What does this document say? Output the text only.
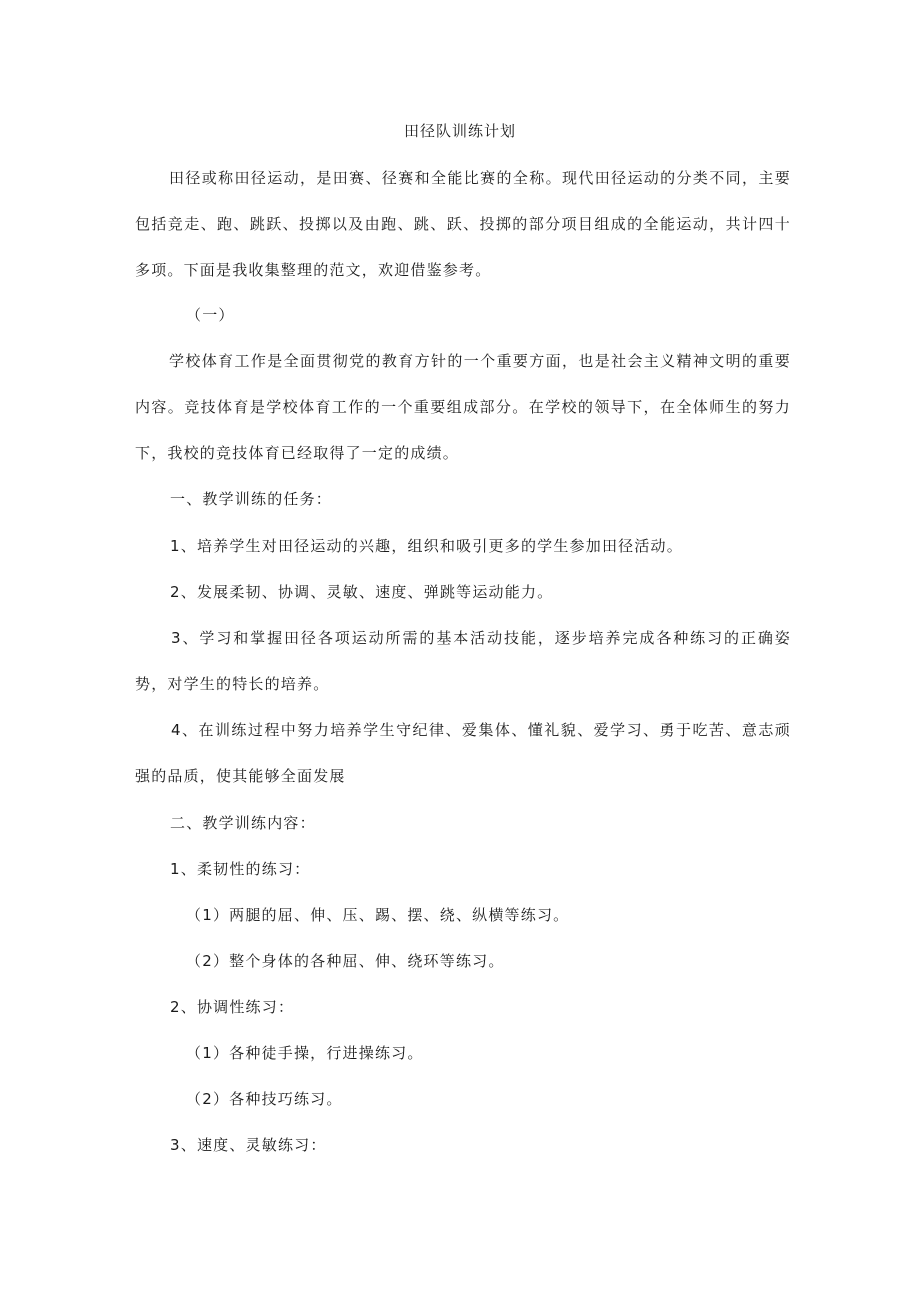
田径队训练计划

田径或称田径运动，是田赛、径赛和全能比赛的全称。现代田径运动的分类不同，主要包括竞走、跑、跳跃、投掷以及由跑、跳、跃、投掷的部分项目组成的全能运动，共计四十多项。下面是我收集整理的范文，欢迎借鉴参考。

（一）

学校体育工作是全面贯彻党的教育方针的一个重要方面，也是社会主义精神文明的重要内容。竞技体育是学校体育工作的一个重要组成部分。在学校的领导下，在全体师生的努力下，我校的竞技体育已经取得了一定的成绩。

一、教学训练的任务：

1、培养学生对田径运动的兴趣，组织和吸引更多的学生参加田径活动。

2、发展柔韧、协调、灵敏、速度、弹跳等运动能力。

3、学习和掌握田径各项运动所需的基本活动技能，逐步培养完成各种练习的正确姿势，对学生的特长的培养。

4、在训练过程中努力培养学生守纪律、爱集体、懂礼貌、爱学习、勇于吃苦、意志顽强的品质，使其能够全面发展

二、教学训练内容：

1、柔韧性的练习：

（1）两腿的屈、伸、压、踢、摆、绕、纵横等练习。

（2）整个身体的各种屈、伸、绕环等练习。

2、协调性练习：

（1）各种徒手操，行进操练习。

（2）各种技巧练习。

3、速度、灵敏练习：
